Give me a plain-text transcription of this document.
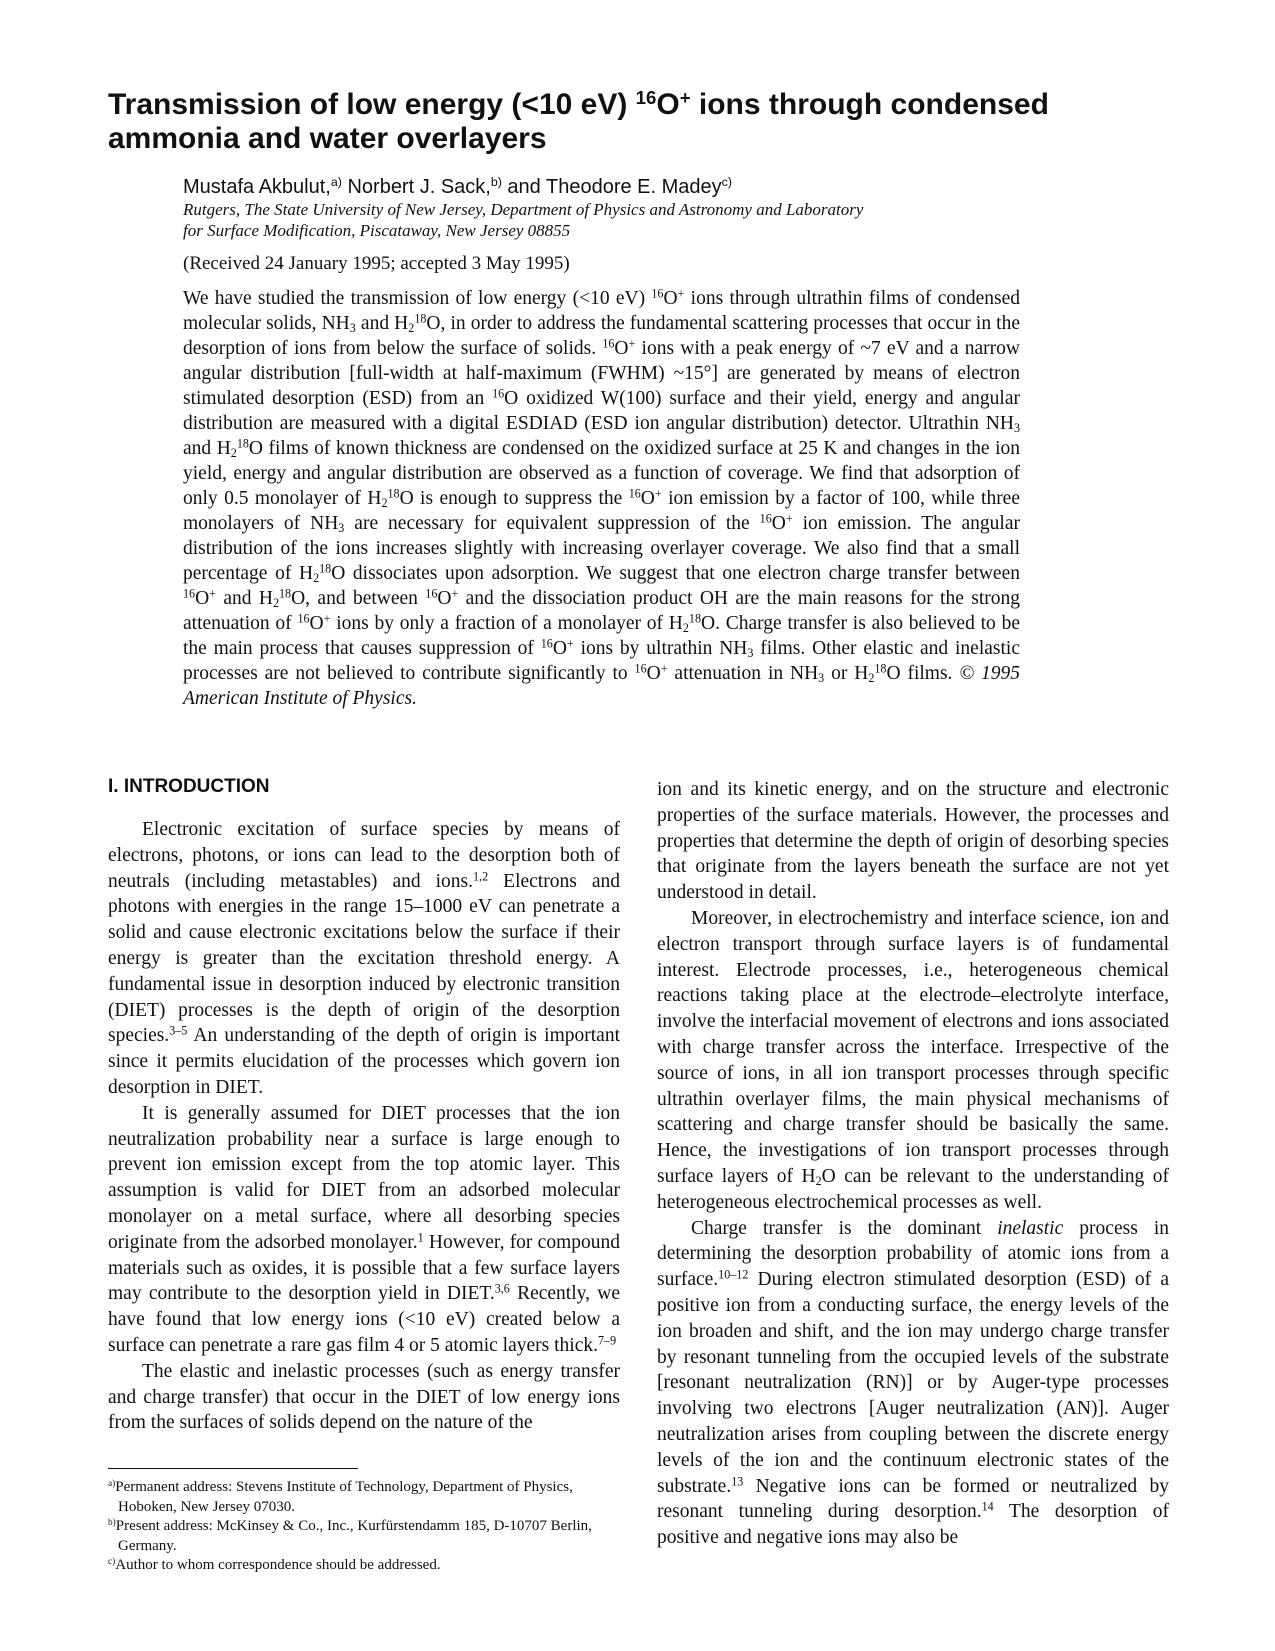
Transmission of low energy (<10 eV) $^{16}$O+ ions through condensed ammonia and water overlayers
Mustafa Akbulut,$^{a)}$ Norbert J. Sack,$^{b)}$ and Theodore E. Madey$^{c)}$
Rutgers, The State University of New Jersey, Department of Physics and Astronomy and Laboratory
for Surface Modification, Piscataway, New Jersey 08855
(Received 24 January 1995; accepted 3 May 1995)

We have studied the transmission of low energy (<10 eV) $^{16}$O+ ions through ultrathin films of condensed molecular solids, $NH_3$ and $H_2^{18}O$, in order to address the fundamental scattering processes that occur in the desorption of ions from below the surface of solids. $^{16}$O+ ions with a peak energy of ~7 eV and a narrow angular distribution [full-width at half-maximum (FWHM) ~15°] are generated by means of electron stimulated desorption (ESD) from an $^{16}$O oxidized W(100) surface and their yield, energy and angular distribution are measured with a digital ESDIAD (ESD ion angular distribution) detector. Ultrathin $NH_3$ and $H_2^{18}O$ films of known thickness are condensed on the oxidized surface at 25 K and changes in the ion yield, energy and angular distribution are observed as a function of coverage. We find that adsorption of only 0.5 monolayer of $H_2^{18}O$ is enough to suppress the $^{16}$O+ ion emission by a factor of 100, while three monolayers of $NH_3$ are necessary for equivalent suppression of the $^{16}$O+ ion emission. The angular distribution of the ions increases slightly with increasing overlayer coverage. We also find that a small percentage of $H_2^{18}O$ dissociates upon adsorption. We suggest that one electron charge transfer between $^{16}$O+ and $H_2^{18}O$, and between $^{16}$O+ and the dissociation product OH are the main reasons for the strong attenuation of $^{16}$O+ ions by only a fraction of a monolayer of $H_2^{18}O$. Charge transfer is also believed to be the main process that causes suppression of $^{16}$O+ ions by ultrathin $NH_3$ films. Other elastic and inelastic processes are not believed to contribute significantly to $^{16}$O+ attenuation in $NH_3$ or $H_2^{18}O$ films. © 1995 American Institute of Physics.

I. INTRODUCTION

Electronic excitation of surface species by means of electrons, photons, or ions can lead to the desorption both of neutrals (including metastables) and ions.$^{1,2}$ Electrons and photons with energies in the range 15–1000 eV can penetrate a solid and cause electronic excitations below the surface if their energy is greater than the excitation threshold energy. A fundamental issue in desorption induced by electronic transition (DIET) processes is the depth of origin of the desorption species.$^{3-5}$ An understanding of the depth of origin is important since it permits elucidation of the processes which govern ion desorption in DIET.

It is generally assumed for DIET processes that the ion neutralization probability near a surface is large enough to prevent ion emission except from the top atomic layer. This assumption is valid for DIET from an adsorbed molecular monolayer on a metal surface, where all desorbing species originate from the adsorbed monolayer.$^1$ However, for compound materials such as oxides, it is possible that a few surface layers may contribute to the desorption yield in DIET.$^{3,6}$ Recently, we have found that low energy ions (<10 eV) created below a surface can penetrate a rare gas film 4 or 5 atomic layers thick.$^{7-9}$

The elastic and inelastic processes (such as energy transfer and charge transfer) that occur in the DIET of low energy ions from the surfaces of solids depend on the nature of the

$^{a)}$Permanent address: Stevens Institute of Technology, Department of Physics, Hoboken, New Jersey 07030.

$^{b)}$Present address: McKinsey & Co., Inc., Kurfürstendamm 185, D-10707 Berlin, Germany.

$^{c)}$Author to whom correspondence should be addressed.

ion and its kinetic energy, and on the structure and electronic properties of the surface materials. However, the processes and properties that determine the depth of origin of desorbing species that originate from the layers beneath the surface are not yet understood in detail.

Moreover, in electrochemistry and interface science, ion and electron transport through surface layers is of fundamental interest. Electrode processes, i.e., heterogeneous chemical reactions taking place at the electrode–electrolyte interface, involve the interfacial movement of electrons and ions associated with charge transfer across the interface. Irrespective of the source of ions, in all ion transport processes through specific ultrathin overlayer films, the main physical mechanisms of scattering and charge transfer should be basically the same. Hence, the investigations of ion transport processes through surface layers of $H_2O$ can be relevant to the understanding of heterogeneous electrochemical processes as well.

Charge transfer is the dominant inelastic process in determining the desorption probability of atomic ions from a surface.$^{10-12}$ During electron stimulated desorption (ESD) of a positive ion from a conducting surface, the energy levels of the ion broaden and shift, and the ion may undergo charge transfer by resonant tunneling from the occupied levels of the substrate [resonant neutralization (RN)] or by Auger-type processes involving two electrons [Auger neutralization (AN)]. Auger neutralization arises from coupling between the discrete energy levels of the ion and the continuum electronic states of the substrate.$^{13}$ Negative ions can be formed or neutralized by resonant tunneling during desorption.$^{14}$ The desorption of positive and negative ions may also be
